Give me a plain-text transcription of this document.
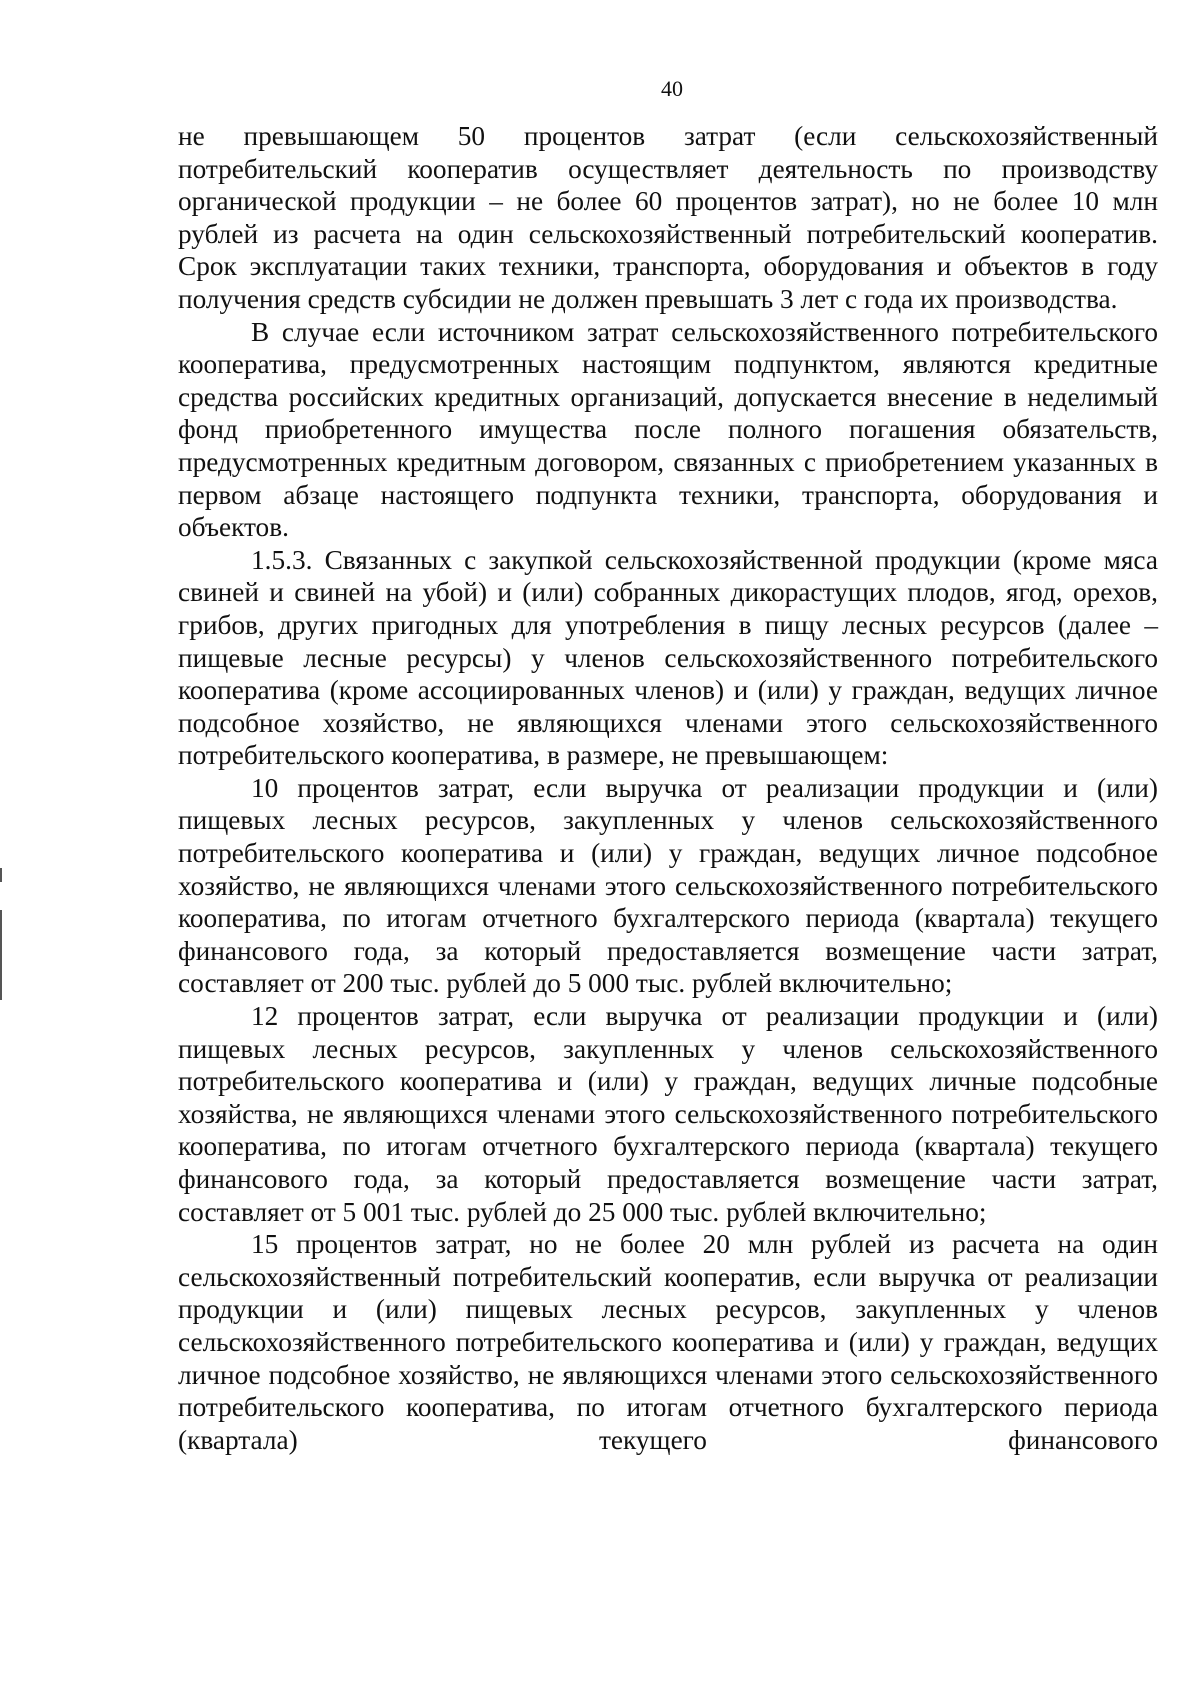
40

не превышающем 50 процентов затрат (если сельскохозяйственный потребительский кооператив осуществляет деятельность по производству органической продукции – не более 60 процентов затрат), но не более 10 млн рублей из расчета на один сельскохозяйственный потребительский кооператив. Срок эксплуатации таких техники, транспорта, оборудования и объектов в году получения средств субсидии не должен превышать 3 лет с года их производства.

В случае если источником затрат сельскохозяйственного потребительского кооператива, предусмотренных настоящим подпунктом, являются кредитные средства российских кредитных организаций, допускается внесение в неделимый фонд приобретенного имущества после полного погашения обязательств, предусмотренных кредитным договором, связанных с приобретением указанных в первом абзаце настоящего подпункта техники, транспорта, оборудования и объектов.

1.5.3. Связанных с закупкой сельскохозяйственной продукции (кроме мяса свиней и свиней на убой) и (или) собранных дикорастущих плодов, ягод, орехов, грибов, других пригодных для употребления в пищу лесных ресурсов (далее – пищевые лесные ресурсы) у членов сельскохозяйственного потребительского кооператива (кроме ассоциированных членов) и (или) у граждан, ведущих личное подсобное хозяйство, не являющихся членами этого сельскохозяйственного потребительского кооператива, в размере, не превышающем:

10 процентов затрат, если выручка от реализации продукции и (или) пищевых лесных ресурсов, закупленных у членов сельскохозяйственного потребительского кооператива и (или) у граждан, ведущих личное подсобное хозяйство, не являющихся членами этого сельскохозяйственного потребительского кооператива, по итогам отчетного бухгалтерского периода (квартала) текущего финансового года, за который предоставляется возмещение части затрат, составляет от 200 тыс. рублей до 5 000 тыс. рублей включительно;

12 процентов затрат, если выручка от реализации продукции и (или) пищевых лесных ресурсов, закупленных у членов сельскохозяйственного потребительского кооператива и (или) у граждан, ведущих личные подсобные хозяйства, не являющихся членами этого сельскохозяйственного потребительского кооператива, по итогам отчетного бухгалтерского периода (квартала) текущего финансового года, за который предоставляется возмещение части затрат, составляет от 5 001 тыс. рублей до 25 000 тыс. рублей включительно;

15 процентов затрат, но не более 20 млн рублей из расчета на один сельскохозяйственный потребительский кооператив, если выручка от реализации продукции и (или) пищевых лесных ресурсов, закупленных у членов сельскохозяйственного потребительского кооператива и (или) у граждан, ведущих личное подсобное хозяйство, не являющихся членами этого сельскохозяйственного потребительского кооператива, по итогам отчетного бухгалтерского периода (квартала) текущего финансового
